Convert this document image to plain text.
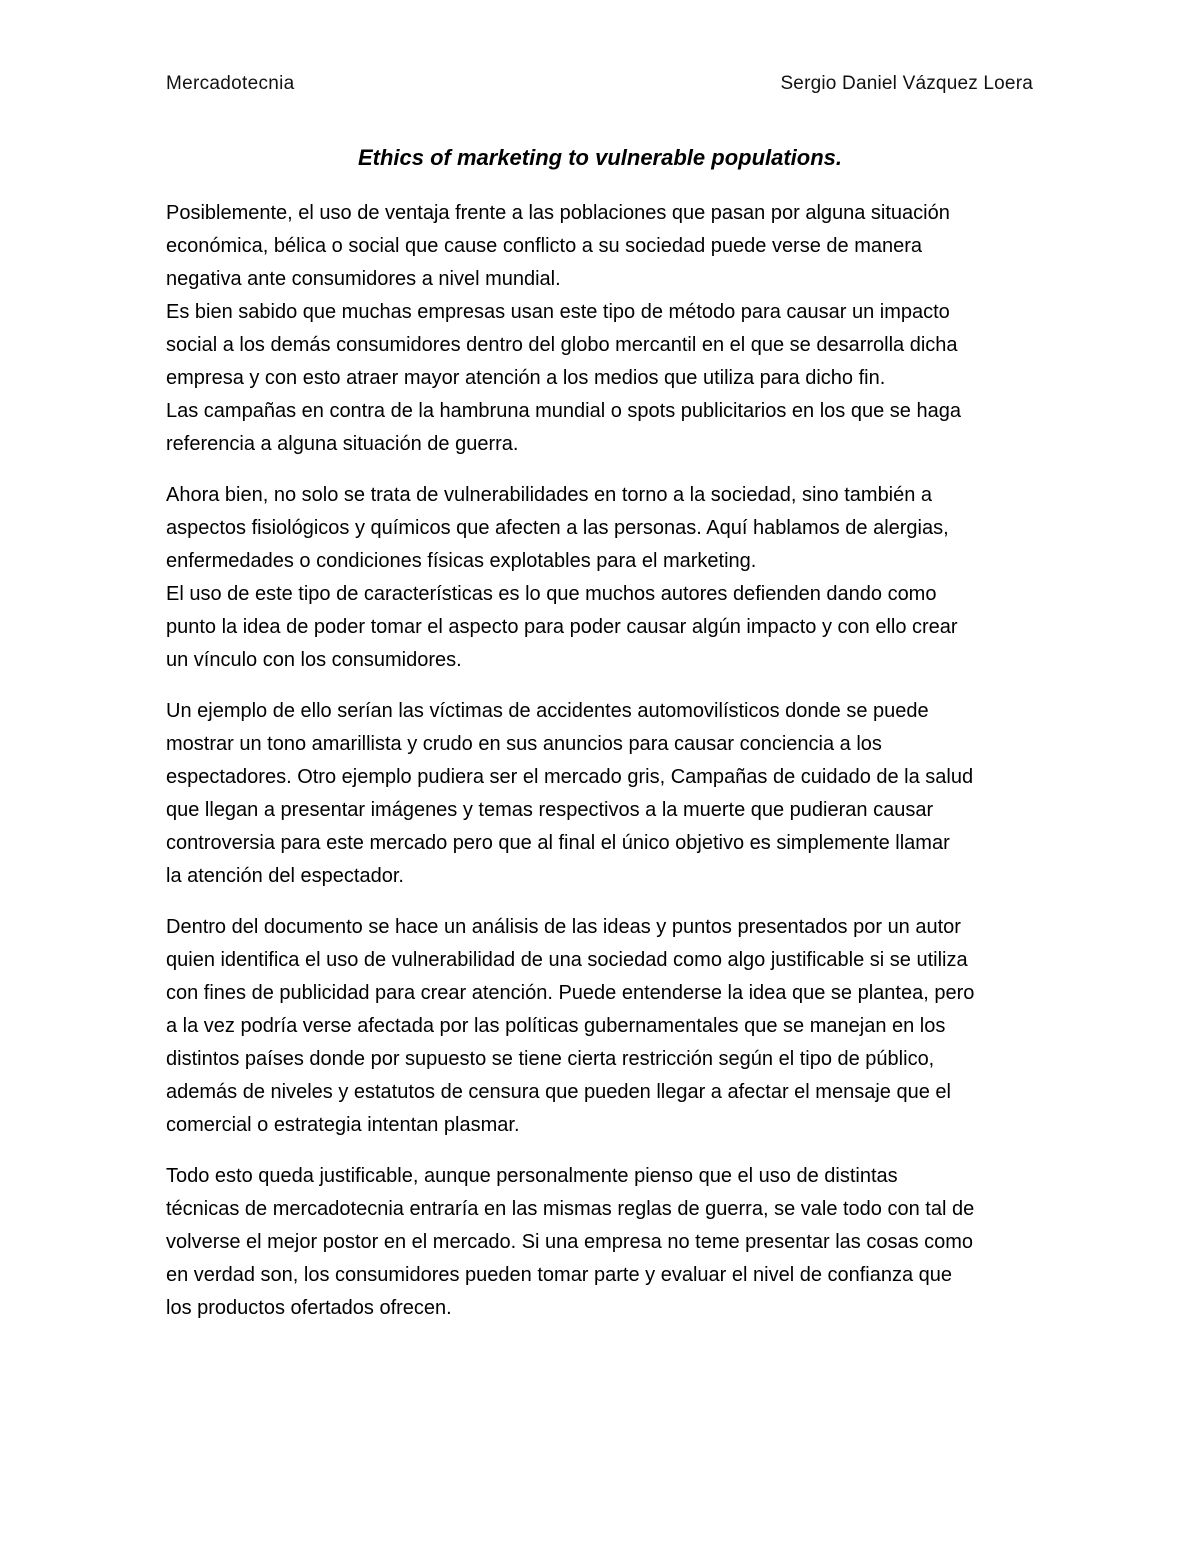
Mercadotecnia	Sergio Daniel Vázquez Loera
Ethics of marketing to vulnerable populations.
Posiblemente, el uso de ventaja frente a las poblaciones que pasan por alguna situación
económica, bélica o social que cause conflicto a su sociedad puede verse de manera
negativa ante consumidores a nivel mundial.
Es bien sabido que muchas empresas usan este tipo de método para causar un impacto
social a los demás consumidores dentro del globo mercantil en el que se desarrolla dicha
empresa y con esto atraer mayor atención a los medios que utiliza para dicho fin.
Las campañas en contra de la hambruna mundial o spots publicitarios en los que se haga
referencia a alguna situación de guerra.
Ahora bien, no solo se trata de vulnerabilidades en torno a la sociedad, sino también a
aspectos fisiológicos y químicos que afecten a las personas. Aquí hablamos de alergias,
enfermedades o condiciones físicas explotables para el marketing.
El uso de este tipo de características es lo que muchos autores defienden dando como
punto la idea de poder tomar el aspecto para poder causar algún impacto y con ello crear
un vínculo con los consumidores.
Un ejemplo de ello serían las víctimas de accidentes automovilísticos donde se puede
mostrar un tono amarillista y crudo en sus anuncios para causar conciencia a los
espectadores. Otro ejemplo pudiera ser el mercado gris, Campañas de cuidado de la salud
que llegan a presentar imágenes y temas respectivos a la muerte que pudieran causar
controversia para este mercado pero que al final el único objetivo es simplemente llamar
la atención del espectador.
Dentro del documento se hace un análisis de las ideas y puntos presentados por un autor
quien identifica el uso de vulnerabilidad de una sociedad como algo justificable si se utiliza
con fines de publicidad para crear atención. Puede entenderse la idea que se plantea, pero
a la vez podría verse afectada por las políticas gubernamentales que se manejan en los
distintos países donde por supuesto se tiene cierta restricción según el tipo de público,
además de niveles y estatutos de censura que pueden llegar a afectar el mensaje que el
comercial o estrategia intentan plasmar.
Todo esto queda justificable, aunque personalmente pienso que el uso de distintas
técnicas de mercadotecnia entraría en las mismas reglas de guerra, se vale todo con tal de
volverse el mejor postor en el mercado. Si una empresa no teme presentar las cosas como
en verdad son, los consumidores pueden tomar parte y evaluar el nivel de confianza que
los productos ofertados ofrecen.
